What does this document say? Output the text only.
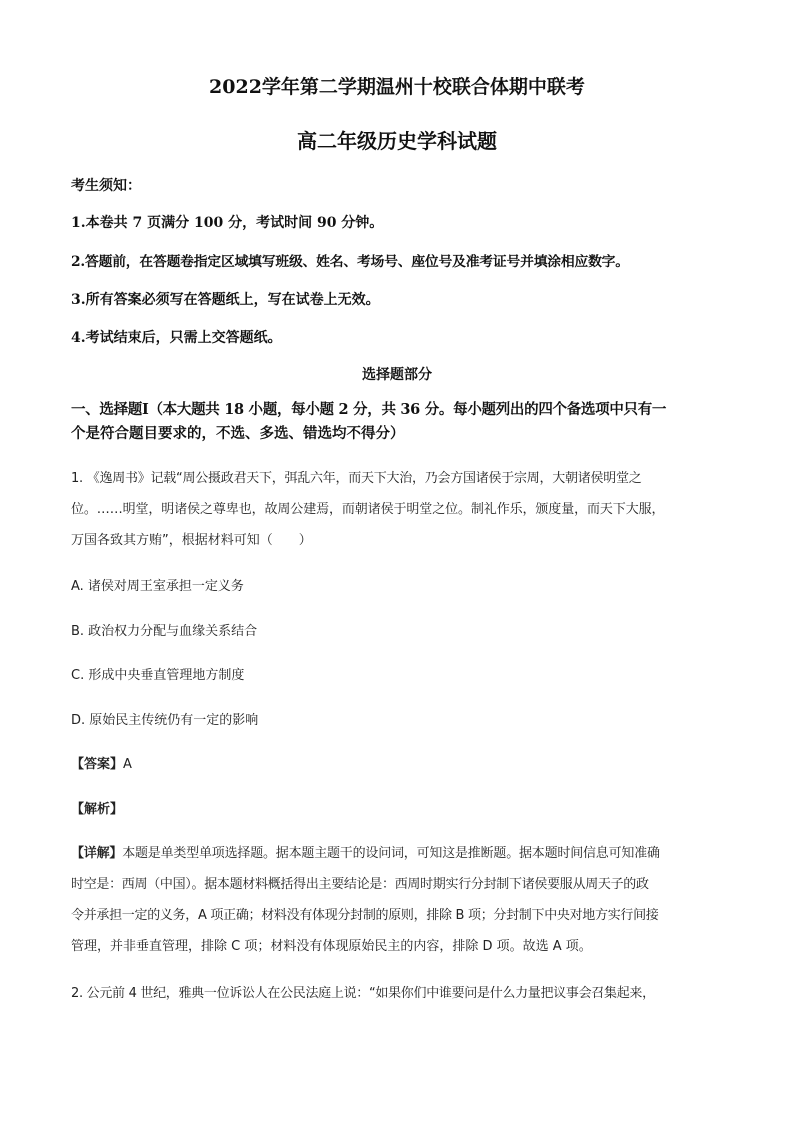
2022学年第二学期温州十校联合体期中联考
高二年级历史学科试题

考生须知：

1.本卷共 7 页满分 100 分，考试时间 90 分钟。

2.答题前，在答题卷指定区域填写班级、姓名、考场号、座位号及准考证号并填涂相应数字。

3.所有答案必须写在答题纸上，写在试卷上无效。

4.考试结束后，只需上交答题纸。

选择题部分

一、选择题Ⅰ（本大题共 18 小题，每小题 2 分，共 36 分。每小题列出的四个备选项中只有一
个是符合题目要求的，不选、多选、错选均不得分）
1. 《逸周书》记载“周公摄政君天下，弭乱六年，而天下大治，乃会方国诸侯于宗周，大朝诸侯明堂之
位。……明堂，明诸侯之尊卑也，故周公建焉，而朝诸侯于明堂之位。制礼作乐，颁度量，而天下大服，
万国各致其方贿”，根据材料可知（　　）

A. 诸侯对周王室承担一定义务

B. 政治权力分配与血缘关系结合

C. 形成中央垂直管理地方制度

D. 原始民主传统仍有一定的影响

【答案】A

【解析】

【详解】本题是单类型单项选择题。据本题主题干的设问词，可知这是推断题。据本题时间信息可知准确
时空是：西周（中国）。据本题材料概括得出主要结论是：西周时期实行分封制下诸侯要服从周天子的政
令并承担一定的义务，A 项正确；材料没有体现分封制的原则，排除 B 项；分封制下中央对地方实行间接
管理，并非垂直管理，排除 C 项；材料没有体现原始民主的内容，排除 D 项。故选 A 项。
2. 公元前 4 世纪，雅典一位诉讼人在公民法庭上说：“如果你们中谁要问是什么力量把议事会召集起来，
